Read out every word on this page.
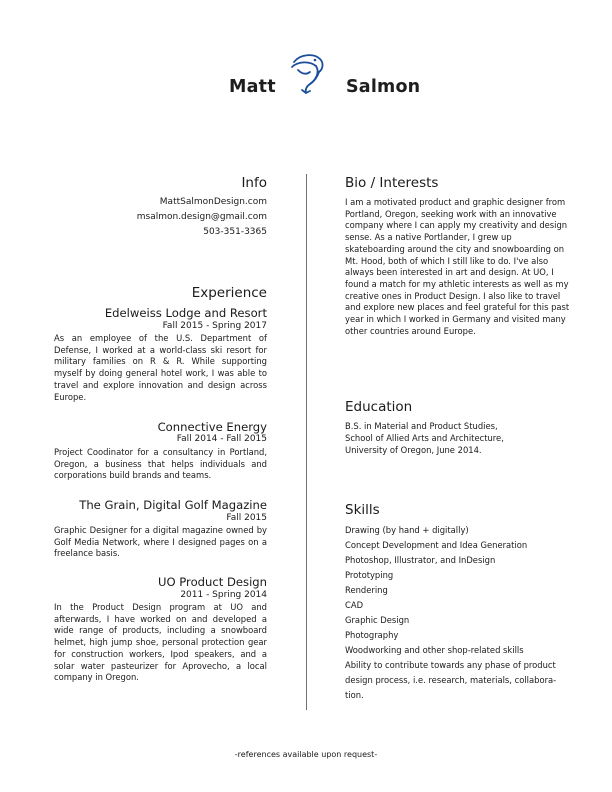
Matt	Salmon
Info
MattSalmonDesign.com
msalmon.design@gmail.com
503-351-3365
Experience
Edelweiss Lodge and Resort
Fall 2015 - Spring 2017

As an employee of the U.S. Department of Defense, I worked at a world-class ski resort for military families on R & R. While supporting myself by doing general hotel work, I was able to travel and explore innovation and design across Europe.

Connective Energy
Fall 2014 - Fall 2015

Project Coodinator for a consultancy in Portland, Oregon, a business that helps individuals and corporations build brands and teams.

The Grain, Digital Golf Magazine
Fall 2015

Graphic Designer for a digital magazine owned by Golf Media Network, where I designed pages on a freelance basis.

UO Product Design
2011 - Spring 2014

In the Product Design program at UO and afterwards, I have worked on and developed a wide range of products, including a snowboard helmet, high jump shoe, personal protection gear for construction workers, Ipod speakers, and a solar water pasteurizer for Aprovecho, a local company in Oregon.

Bio / Interests

I am a motivated product and graphic designer from Portland, Oregon, seeking work with an innovative company where I can apply my creativity and design sense. As a native Portlander, I grew up skateboarding around the city and snowboarding on Mt. Hood, both of which I still like to do. I've also always been interested in art and design. At UO, I found a match for my athletic interests as well as my creative ones in Product Design. I also like to travel and explore new places and feel grateful for this past year in which I worked in Germany and visited many other countries around Europe.

Education
B.S. in Material and Product Studies,
School of Allied Arts and Architecture,
University of Oregon, June 2014.
Skills
Drawing (by hand + digitally)
Concept Development and Idea Generation
Photoshop, Illustrator, and InDesign
Prototyping
Rendering
CAD
Graphic Design
Photography
Woodworking and other shop-related skills
Ability to contribute towards any phase of product
design process, i.e. research, materials, collabora-
tion.
-references available upon request-
